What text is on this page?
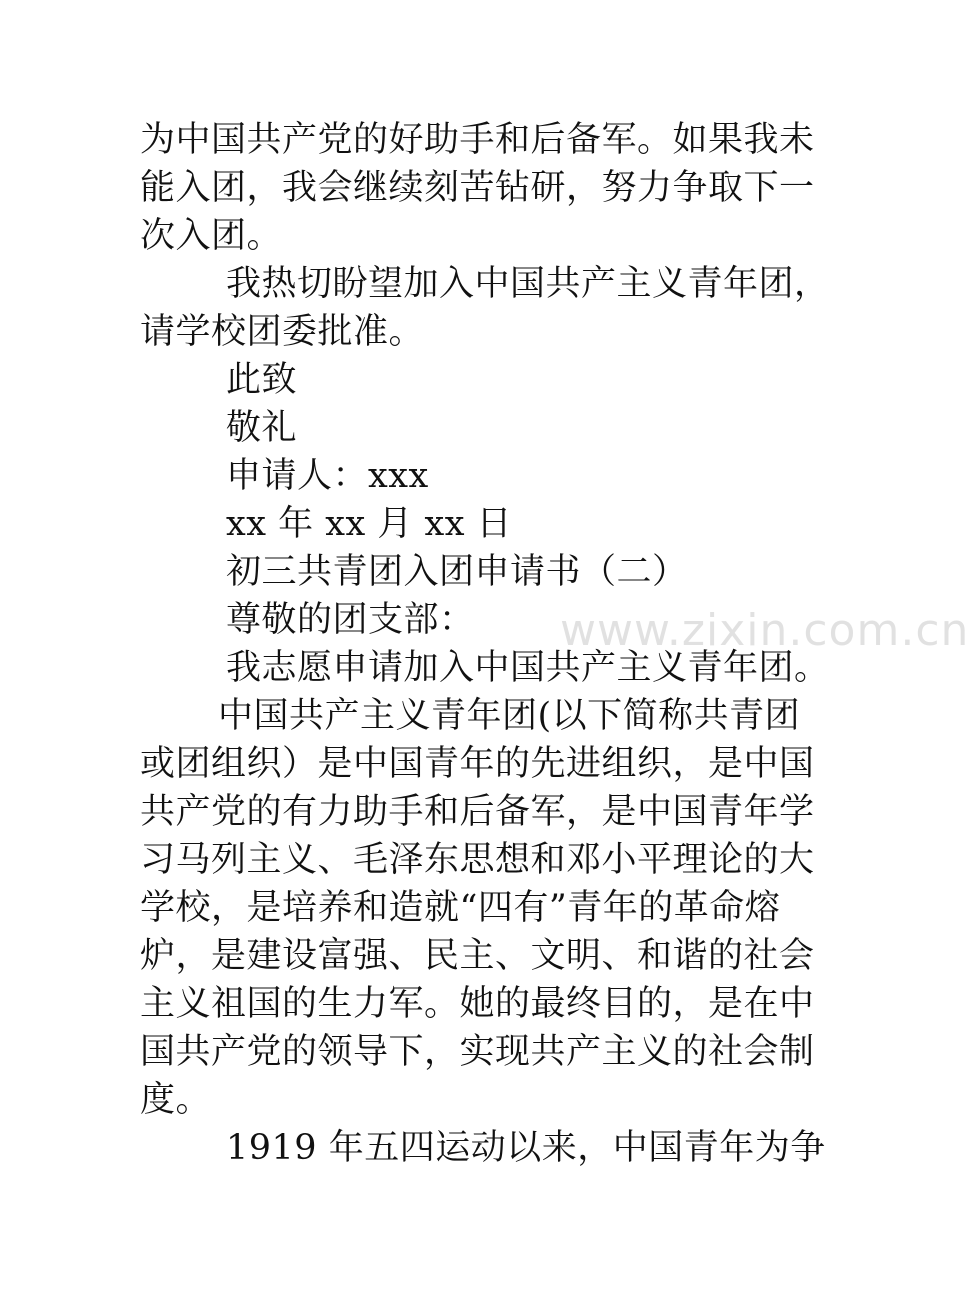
为中国共产党的好助手和后备军。如果我未
能入团，我会继续刻苦钻研，努力争取下一
次入团。
我热切盼望加入中国共产主义青年团，
请学校团委批准。
此致
敬礼
申请人：xxx
xx 年 xx 月 xx 日
初三共青团入团申请书（二）
尊敬的团支部：
我志愿申请加入中国共产主义青年团。
中国共产主义青年团(以下简称共青团
或团组织）是中国青年的先进组织，是中国
共产党的有力助手和后备军，是中国青年学
习马列主义、毛泽东思想和邓小平理论的大
学校，是培养和造就“四有”青年的革命熔
炉，是建设富强、民主、文明、和谐的社会
主义祖国的生力军。她的最终目的，是在中
国共产党的领导下，实现共产主义的社会制
度。
1919 年五四运动以来，中国青年为争
www.zixin.com.cn
